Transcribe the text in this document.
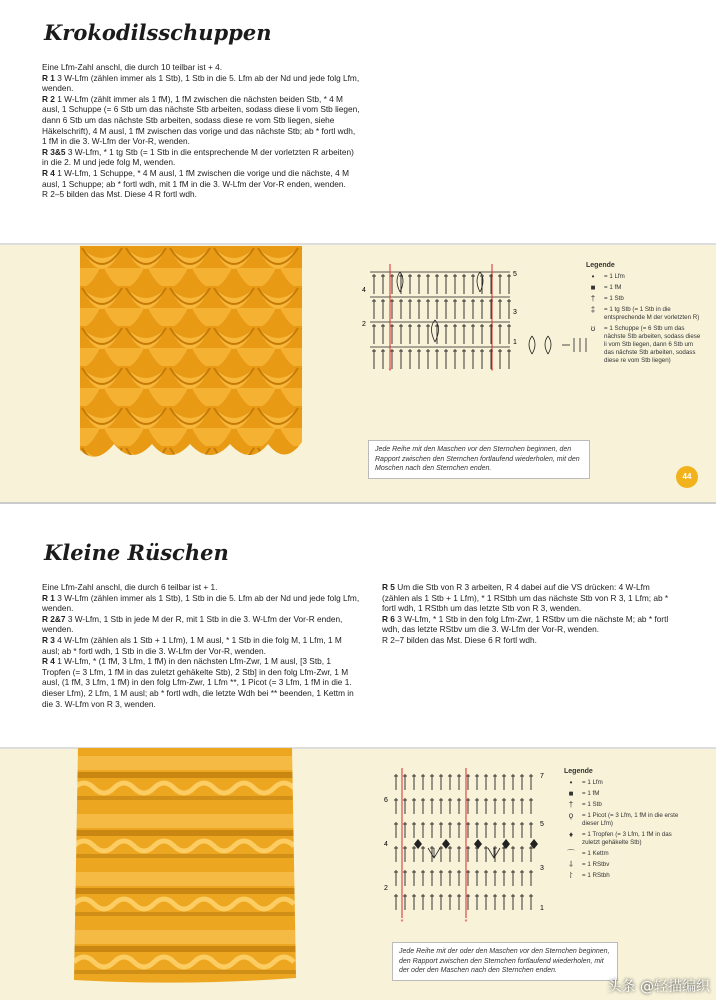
Krokodilsschuppen

Eine Lfm-Zahl anschl, die durch 10 teilbar ist + 4.

R 1 3 W-Lfm (zählen immer als 1 Stb), 1 Stb in die 5. Lfm ab der Nd und jede folg Lfm, wenden.

R 2 1 W-Lfm (zählt immer als 1 fM), 1 fM zwischen die nächsten beiden Stb, * 4 M ausl, 1 Schuppe (= 6 Stb um das nächste Stb arbeiten, sodass diese li vom Stb liegen, dann 6 Stb um das nächste Stb arbeiten, sodass diese re vom Stb liegen, siehe Häkelschrift), 4 M ausl, 1 fM zwischen das vorige und das nächste Stb; ab * fortl wdh, 1 fM in die 3. W-Lfm der Vor-R, wenden.

R 3&5 3 W-Lfm, * 1 tg Stb (= 1 Stb in die entsprechende M der vorletzten R arbeiten) in die 2. M und jede folg M, wenden.

R 4 1 W-Lfm, 1 Schuppe, * 4 M ausl, 1 fM zwischen die vorige und die nächste, 4 M ausl, 1 Schuppe; ab * fortl wdh, mit 1 fM in die 3. W-Lfm der Vor-R enden, wenden.

R 2–5 bilden das Mst. Diese 4 R fortl wdh.

*	*
5
4
3
2
1
Legende
•	= 1 Lfm
■	= 1 fM
†	= 1 Stb
‡	= 1 tg Stb (= 1 Stb in die entsprechende M der vorletzten R)
ʊ	= 1 Schuppe (= 6 Stb um das nächste Stb arbeiten, sodass diese li vom Stb liegen, dann 6 Stb um das nächste Stb arbeiten, sodass diese re vom Stb liegen)
Jede Reihe mit den Maschen vor den Sternchen beginnen, den Rapport zwischen den Sternchen fortlaufend wiederholen, mit den Moschen nach den Sternchen enden.
44
Kleine Rüschen

Eine Lfm-Zahl anschl, die durch 6 teilbar ist + 1.

R 1 3 W-Lfm (zählen immer als 1 Stb), 1 Stb in die 5. Lfm ab der Nd und jede folg Lfm, wenden.

R 2&7 3 W-Lfm, 1 Stb in jede M der R, mit 1 Stb in die 3. W-Lfm der Vor-R enden, wenden.

R 3 4 W-Lfm (zählen als 1 Stb + 1 Lfm), 1 M ausl, * 1 Stb in die folg M, 1 Lfm, 1 M ausl; ab * fortl wdh, 1 Stb in die 3. W-Lfm der Vor-R, wenden.

R 4 1 W-Lfm, * (1 fM, 3 Lfm, 1 fM) in den nächsten Lfm-Zwr, 1 M ausl, [3 Stb, 1 Tropfen (= 3 Lfm, 1 fM in das zuletzt gehäkelte Stb), 2 Stb] in den folg Lfm-Zwr, 1 M ausl, (1 fM, 3 Lfm, 1 fM) in den folg Lfm-Zwr, 1 Lfm **, 1 Picot (= 3 Lfm, 1 fM in die 1. dieser Lfm), 2 Lfm, 1 M ausl; ab * fortl wdh, die letzte Wdh bei ** beenden, 1 Kettm in die 3. W-Lfm von R 3, wenden.

R 5 Um die Stb von R 3 arbeiten, R 4 dabei auf die VS drücken: 4 W-Lfm (zählen als 1 Stb + 1 Lfm), * 1 RStbh um das nächste Stb von R 3, 1 Lfm; ab * fortl wdh, 1 RStbh um das letzte Stb von R 3, wenden.

R 6 3 W-Lfm, * 1 Stb in den folg Lfm-Zwr, 1 RStbv um die nächste M; ab * fortl wdh, das letzte RStbv um die 3. W-Lfm der Vor-R, wenden.

R 2–7 bilden das Mst. Diese 6 R fortl wdh.

*	*
7
6
5
4
3
2
1
Legende
•	= 1 Lfm
■	= 1 fM
†	= 1 Stb
ϙ	= 1 Picot (= 3 Lfm, 1 fM in die erste dieser Lfm)
♦	= 1 Tropfen (= 3 Lfm, 1 fM in das zuletzt gehäkelte Stb)
⌒	= 1 Kettm
⸸	= 1 RStbv
⸷	= 1 RStbh
Jede Reihe mit der oder den Maschen vor den Sternchen beginnen, den Rapport zwischen den Sternchen fortlaufend wiederholen, mit der oder den Maschen nach den Sternchen enden.
头条 @轻描编织
